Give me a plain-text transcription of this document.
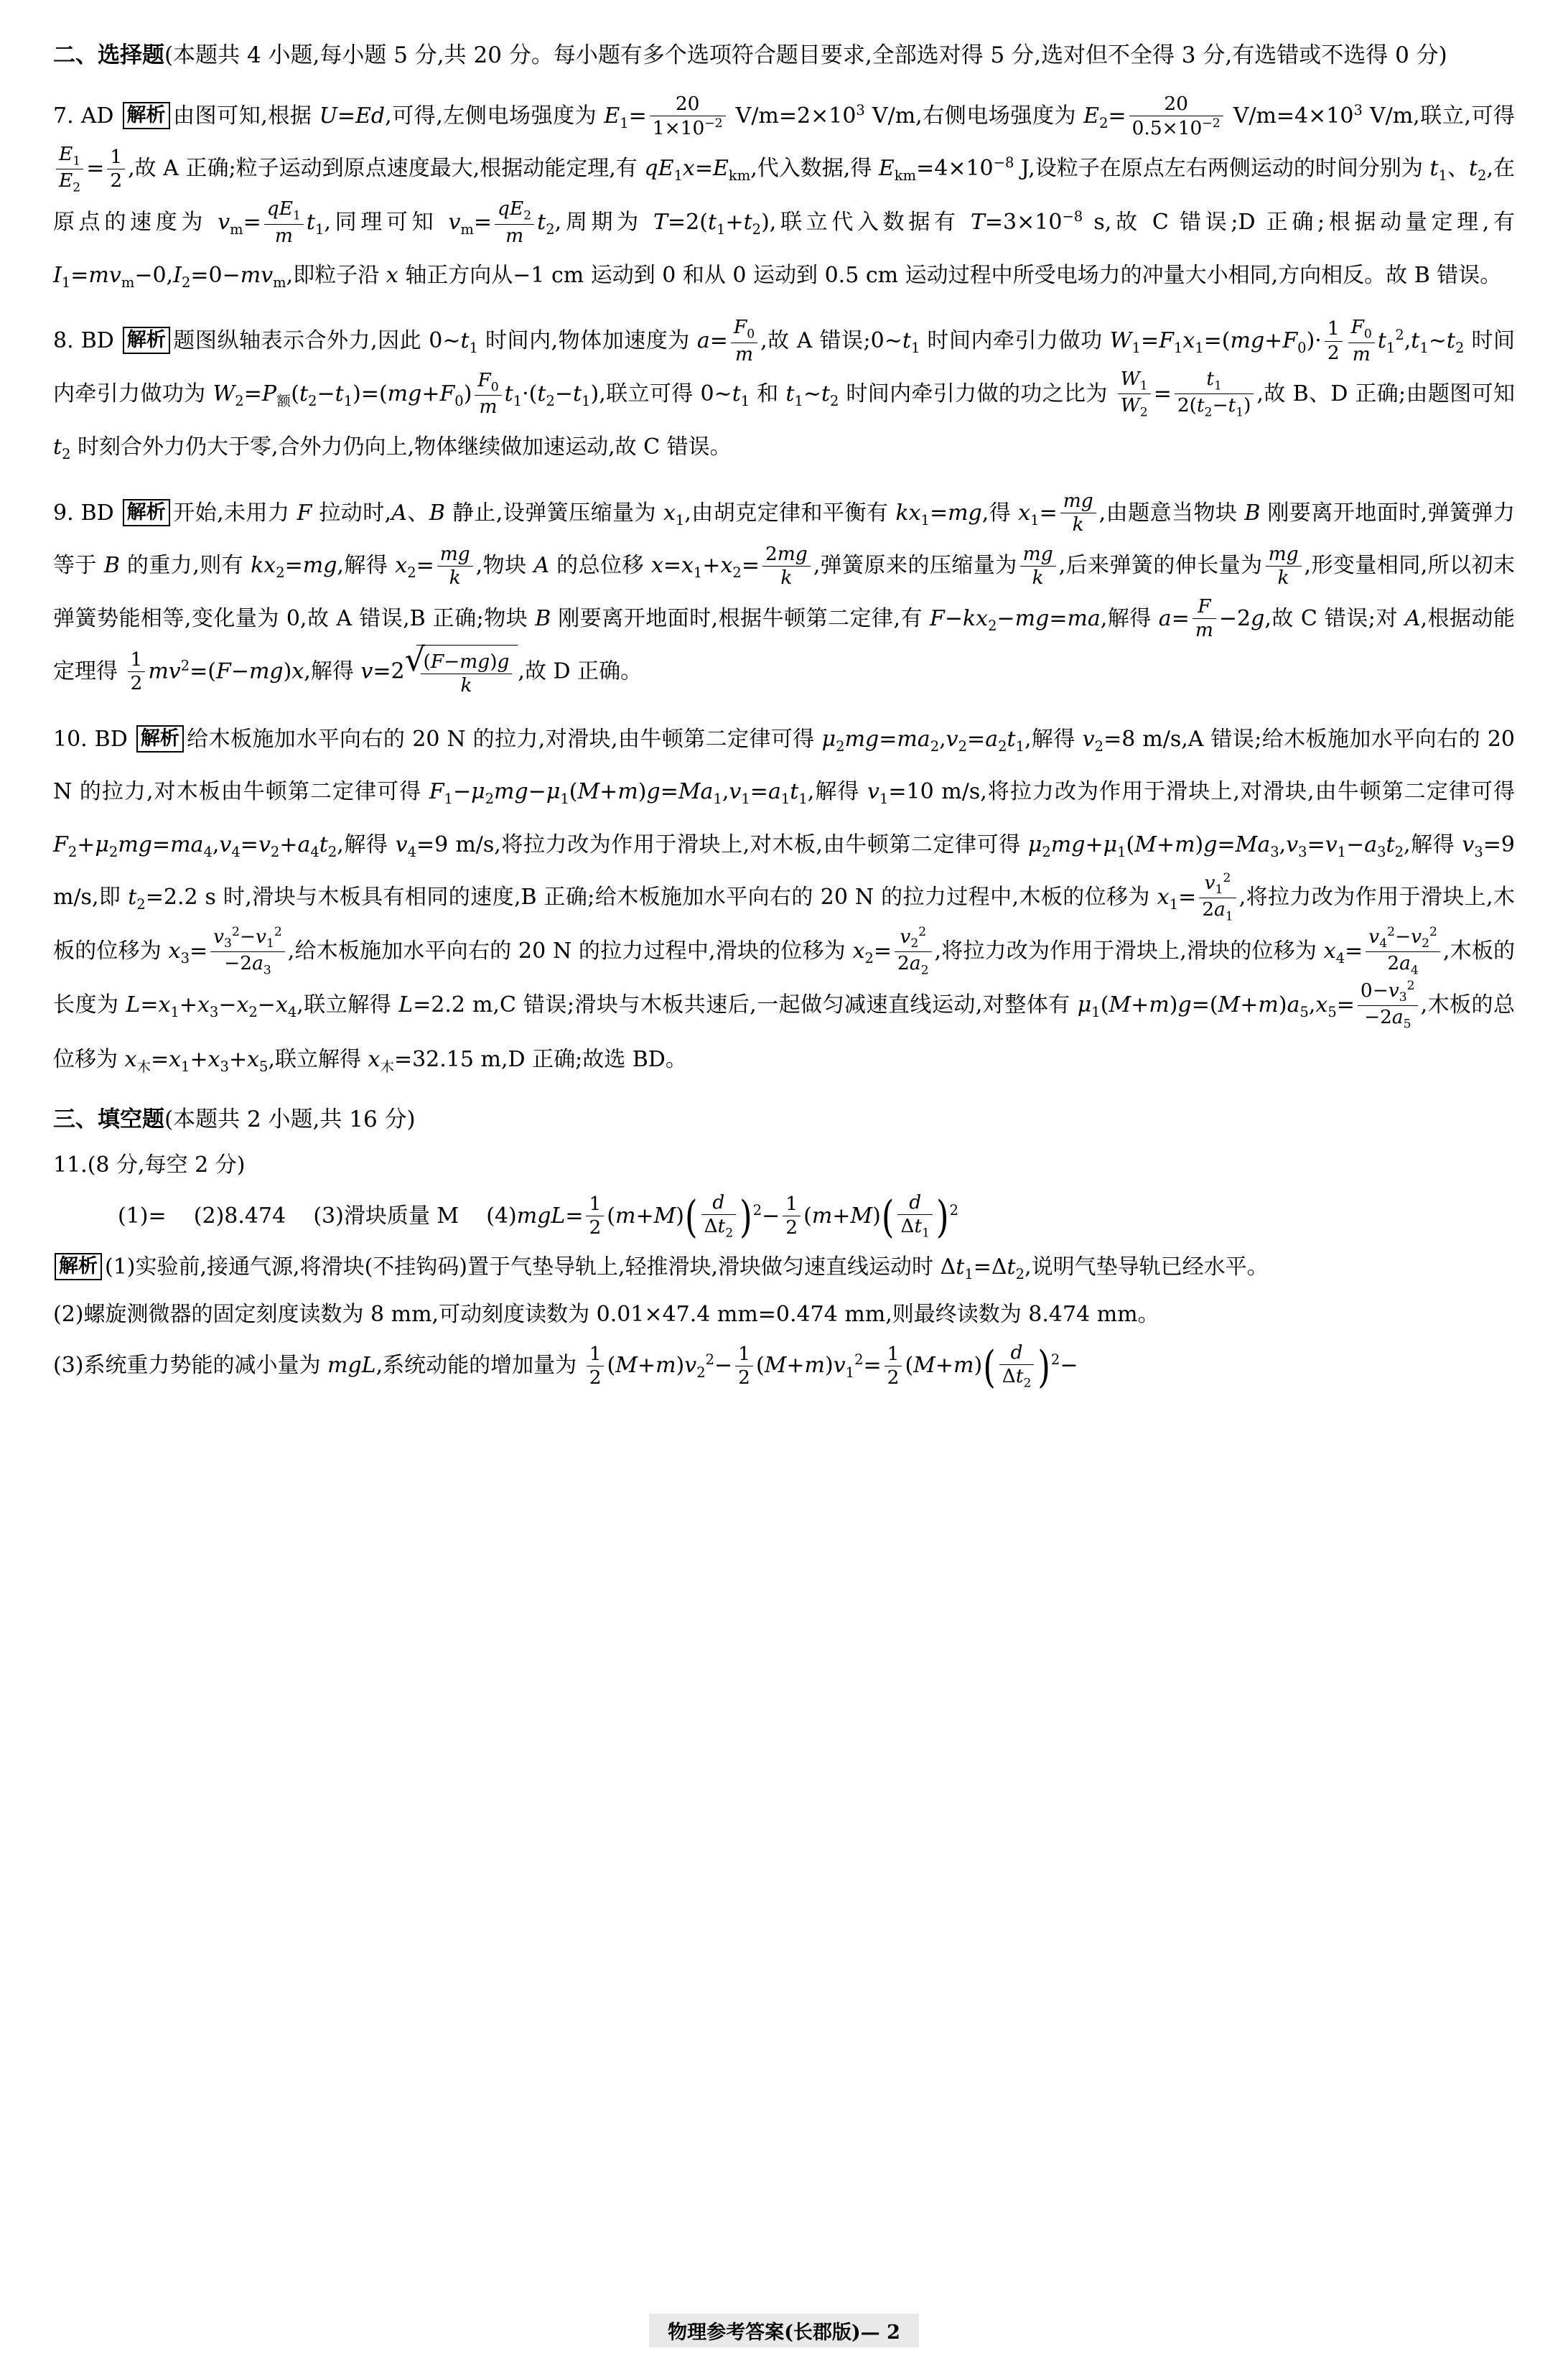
二、选择题(本题共 4 小题,每小题 5 分,共 20 分。每小题有多个选项符合题目要求,全部选对得 5 分,选对但不全得 3 分,有选错或不选得 0 分)
7. AD 解析 由图可知,根据 U=Ed,可得,左侧电场强度为 $E_1= \frac{20}{1\times 10^{-2}} V/m=2\times 10^3$ V/m,右侧电场强度为 $E_2= \frac{20}{0.5\times 10^{-2}} V/m=4\times 10^3$ V/m,联立,可得
$\frac{E_1}{E_2} = \frac{1}{2}$ ,故 A 正确;粒子运动到原点速度最大,根据动能定理,有 $qE_1x=E_{km}$,代入数据,得 $E_{km}=4\times 10^{-8}$ J,设粒子在原点左右两侧运动的时间分别为 $t_1$、$t_2$,在原点的速度为 $v_m= \frac{qE_1}{m} t_1$,同理可知 $v_m= \frac{qE_2}{m} t_2$,周期为 $T=2(t_1+t_2)$,联立代入数据有 $T=3\times 10^{-8}$ s,故 C 错误;D 正确;根据动量定理,有 $I_1=mv_m-0,I_2=0-mv_m$,即粒子沿 x 轴正方向从−1 cm 运动到 0 和从 0 运动到 0.5 cm 运动过程中所受电场力的冲量大小相同,方向相反。故 B 错误。
8. BD 解析 题图纵轴表示合外力,因此 $0\sim t_1$ 时间内,物体加速度为 $a= \frac{F_0}{m}$ ,故 A 错误$;0\sim t_1$ 时间内牵引力做功 $W_1=F_1x_1=(mg+F_0)\cdot \frac{1}{2} \frac{F_0}{m}$ $t_1^2,t_1\sim t_2$ 时间内牵引力做功为 $W_2=P_额(t_2-t_1)=(mg+F_0) \frac{F_0}{m} t_1\cdot(t_2-t_1)$,联立可得 $0\sim t_1$ 和 $t_1\sim t_2$ 时间内牵引力做的功之比为 $\frac{W_1}{W_2} = \frac{t_1}{2(t_2-t_1)}$ ,故 B、D 正确;由题图可知 $t_2$ 时刻合外力仍大于零,合外力仍向上,物体继续做加速运动,故 C 错误。
9. BD 解析 开始,未用力 F 拉动时,A、B 静止,设弹簧压缩量为 $x_1$,由胡克定律和平衡有 $kx_1=mg$,得 $x_1= \frac{mg}{k}$ ,由题意当物块 B 刚要离开地面时,弹簧弹力等于 B 的重力,则有 $kx_2=mg$,解得 $x_2= \frac{mg}{k}$ ,物块 A 的总位移 $x=x_1+x_2= \frac{2mg}{k}$ ,弹簧原来的压缩量为 $\frac{mg}{k}$ ,后来弹簧的伸长量为 $\frac{mg}{k}$ ,形变量相同,所以初末弹簧势能相等,变化量为 0,故 A 错误,B 正确;物块 B 刚要离开地面时,根据牛顿第二定律,有 $F-kx_2-mg=ma$,解得 $a= \frac{F}{m} -2g$,故 C 错误;对 A,根据动能定理得 $\frac{1}{2} mv^2=(F-mg)x$,解得 v=2 √ $\frac{(F-mg)g}{k}$ ,故 D 正确。
10. BD 解析 给木板施加水平向右的 20 N 的拉力,对滑块,由牛顿第二定律可得 $\mu_2mg=ma_2,v_2=a_2t_1$,解得 $v_2=8$ m/s,A 错误;给木板施加水平向右的 20 N 的拉力,对木板由牛顿第二定律可得 $F_1-\mu_2mg-\mu_1(M+m)g=Ma_1,v_1=a_1t_1$,解得 $v_1=10$ m/s,将拉力改为作用于滑块上,对滑块,由牛顿第二定律可得 $F_2+\mu_2mg=ma_4,v_4=v_2+a_4t_2$,解得 $v_4=9$ m/s,将拉力改为作用于滑块上,对木板,由牛顿第二定律可得 $\mu_2mg+\mu_1(M+m)g=Ma_3,v_3=v_1-a_3t_2$,解得 $v_3=9$ m/s,即 $t_2=2.2$ s 时,滑块与木板具有相同的速度,B 正确;给木板施加水平向右的 20 N 的拉力过程中,木板的位移为 $x_1= \frac{v_1^2}{2a_1}$ ,将拉力改为作用于滑块上,木板的位移为 $x_3= \frac{v_3^2-v_1^2}{-2a_3}$ ,给木板施加水平向右的 20 N 的拉力过程中,滑块的位移为 $x_2= \frac{v_2^2}{2a_2}$ ,将拉力改为作用于滑块上,滑块的位移为 $x_4= \frac{v_4^2-v_2^2}{2a_4}$ ,木板的长度为 $L=x_1+x_3-x_2-x_4$,联立解得 L=2.2 m,C 错误;滑块与木板共速后,一起做匀减速直线运动,对整体有 $\mu_1(M+m)g=(M+m)a_5,x_5= \frac{0-v_3^2}{-2a_5}$ ,木板的总位移为 $x_木=x_1+x_3+x_5$,联立解得 $x_木=32.15$ m,D 正确;故选 BD。
三、填空题(本题共 2 小题,共 16 分)
11.(8 分,每空 2 分)
(1)= (2)8.474 (3)滑块质量 M $(4)mgL= \frac{1}{2} (m+M)( \frac{d}{\Delta t_2} )^2- \frac{1}{2} (m+M)( \frac{d}{\Delta t_1} )^2$
解析 (1)实验前,接通气源,将滑块(不挂钩码)置于气垫导轨上,轻推滑块,滑块做匀速直线运动时 $\Delta t_1=\Delta t_2$,说明气垫导轨已经水平。
(2)螺旋测微器的固定刻度读数为 8 mm,可动刻度读数为 0.01×47.4 mm=0.474 mm,则最终读数为 8.474 mm。
(3)系统重力势能的减小量为 mgL,系统动能的增加量为 $\frac{1}{2} (M+m)v_2^2- \frac{1}{2} (M+m)v_1^2= \frac{1}{2} (M+m)( \frac{d}{\Delta t_2} )^2-$
物理参考答案(长郡版)— 2
